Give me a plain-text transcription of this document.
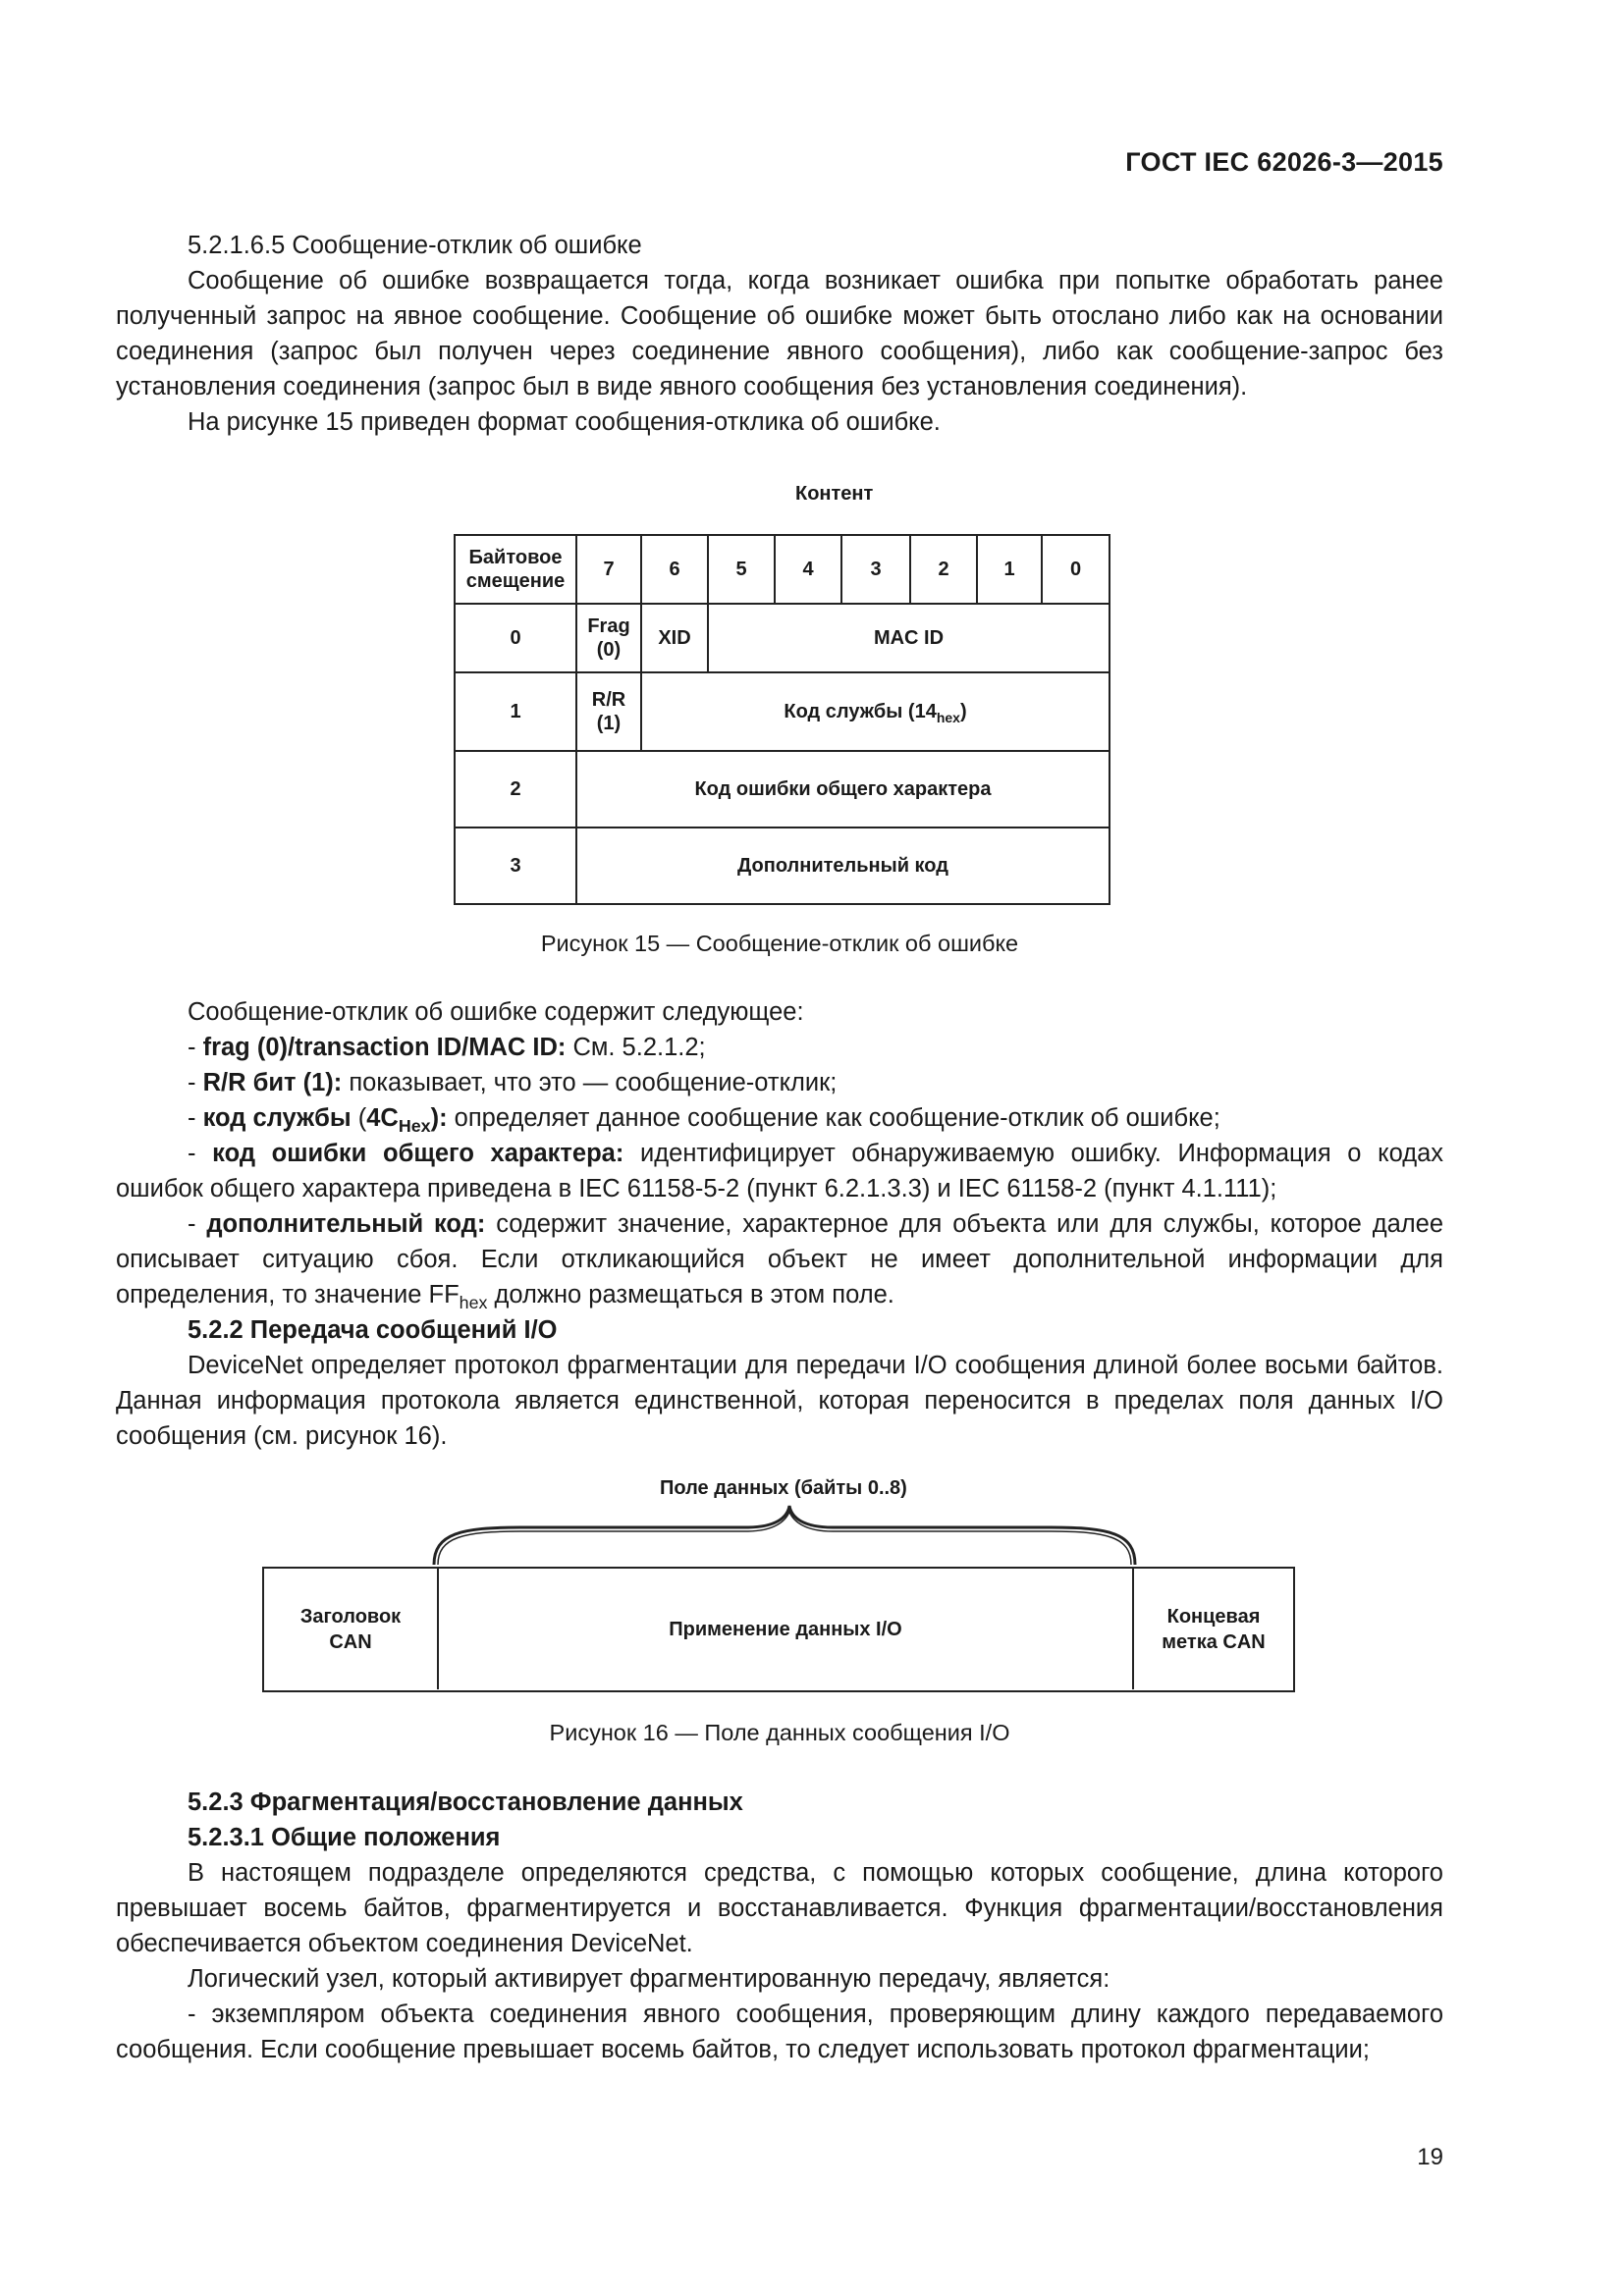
ГОСТ IEC 62026-3—2015

5.2.1.6.5 Сообщение-отклик об ошибке

Сообщение об ошибке возвращается тогда, когда возникает ошибка при попытке обработать ранее полученный запрос на явное сообщение. Сообщение об ошибке может быть отослано либо как на основании соединения (запрос был получен через соединение явного сообщения), либо как сообщение-запрос без установления соединения (запрос был в виде явного сообщения без установления соединения).

На рисунке 15 приведен формат сообщения-отклика об ошибке.

Контент
Байтовое смещение	7	6	5	4	3	2	1	0
0	Frag (0)	XID	MAC ID					
1	R/R (1)	Код службы $(14_{hex})$						
2	Код ошибки общего характера							
3	Дополнительный код							
Рисунок 15 — Сообщение-отклик об ошибке

Сообщение-отклик об ошибке содержит следующее:

- frag (0)/transaction ID/MAC ID: См. 5.2.1.2;

- R/R бит (1): показывает, что это — сообщение-отклик;

- код службы $(4C_{Hex})$: определяет данное сообщение как сообщение-отклик об ошибке;

- код ошибки общего характера: идентифицирует обнаруживаемую ошибку. Информация о кодах ошибок общего характера приведена в IEC 61158-5-2 (пункт 6.2.1.3.3) и IEC 61158-2 (пункт 4.1.111);

- дополнительный код: содержит значение, характерное для объекта или для службы, которое далее описывает ситуацию сбоя. Если откликающийся объект не имеет дополнительной информации для определения, то значение $FF_{hex}$ должно размещаться в этом поле.

5.2.2 Передача сообщений I/O

DeviceNet определяет протокол фрагментации для передачи I/O сообщения длиной более восьми байтов. Данная информация протокола является единственной, которая переносится в пределах поля данных I/O сообщения (см. рисунок 16).

Поле данных (байты 0..8)
Заголовок CAN
Применение данных I/O
Концевая метка CAN
Рисунок 16 — Поле данных сообщения I/O

5.2.3 Фрагментация/восстановление данных

5.2.3.1 Общие положения

В настоящем подразделе определяются средства, с помощью которых сообщение, длина которого превышает восемь байтов, фрагментируется и восстанавливается. Функция фрагментации/восстановления обеспечивается объектом соединения DeviceNet.

Логический узел, который активирует фрагментированную передачу, является:

- экземпляром объекта соединения явного сообщения, проверяющим длину каждого передаваемого сообщения. Если сообщение превышает восемь байтов, то следует использовать протокол фрагментации;

19
